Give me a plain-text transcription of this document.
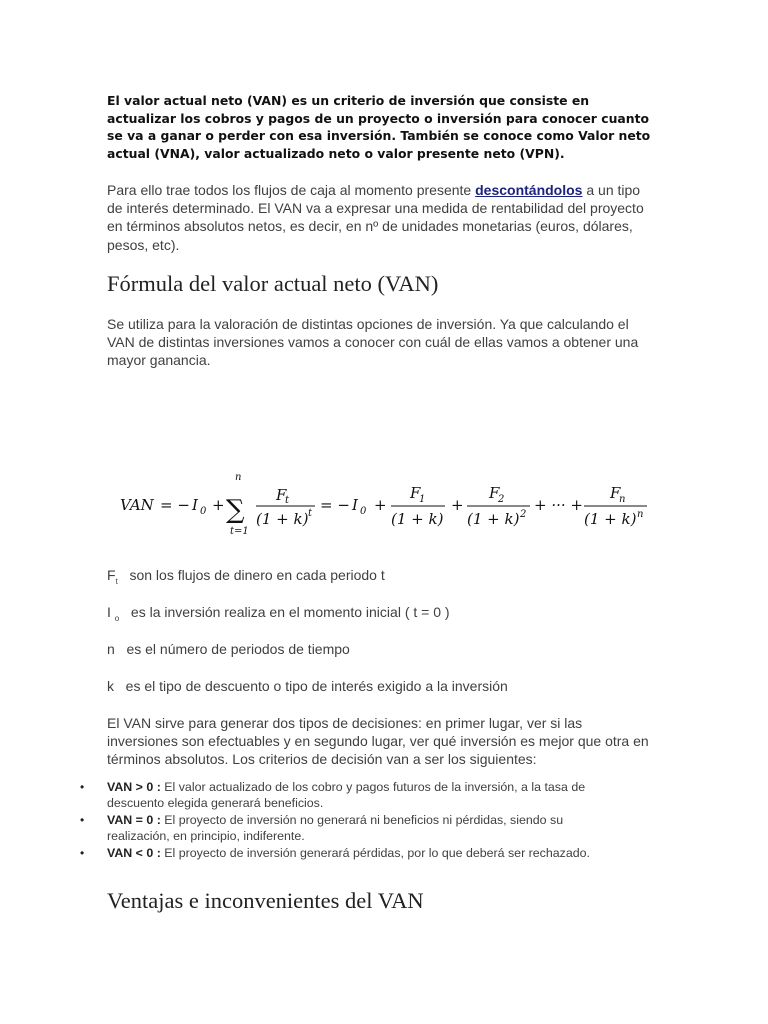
El valor actual neto (VAN) es un criterio de inversión que consiste en actualizar los cobros y pagos de un proyecto o inversión para conocer cuanto se va a ganar o perder con esa inversión. También se conoce como Valor neto actual (VNA), valor actualizado neto o valor presente neto (VPN).

Para ello trae todos los flujos de caja al momento presente descontándolos a un tipo de interés determinado. El VAN va a expresar una medida de rentabilidad del proyecto en términos absolutos netos, es decir, en nº de unidades monetarias (euros, dólares, pesos, etc).

Fórmula del valor actual neto (VAN)

Se utiliza para la valoración de distintas opciones de inversión. Ya que calculando el VAN de distintas inversiones vamos a conocer con cuál de ellas vamos a obtener una mayor ganancia.

VAN = − I 0 +
n
∑
t=1
F
t
(1 + k) t = − I 0 +
F
1
(1 + k)
+
F
2
(1 + k) 2
+ ··· +
F
n
(1 + k) n
$F_t$ son los flujos de dinero en cada periodo t
I $_o$ es la inversión realiza en el momento inicial ( t = 0 )
n es el número de periodos de tiempo
k es el tipo de descuento o tipo de interés exigido a la inversión

El VAN sirve para generar dos tipos de decisiones: en primer lugar, ver si las inversiones son efectuables y en segundo lugar, ver qué inversión es mejor que otra en términos absolutos. Los criterios de decisión van a ser los siguientes:

•	VAN > 0 : El valor actualizado de los cobro y pagos futuros de la inversión, a la tasa de descuento elegida generará beneficios.
•	VAN = 0 : El proyecto de inversión no generará ni beneficios ni pérdidas, siendo su realización, en principio, indiferente.
•	VAN < 0 : El proyecto de inversión generará pérdidas, por lo que deberá ser rechazado.
Ventajas e inconvenientes del VAN
